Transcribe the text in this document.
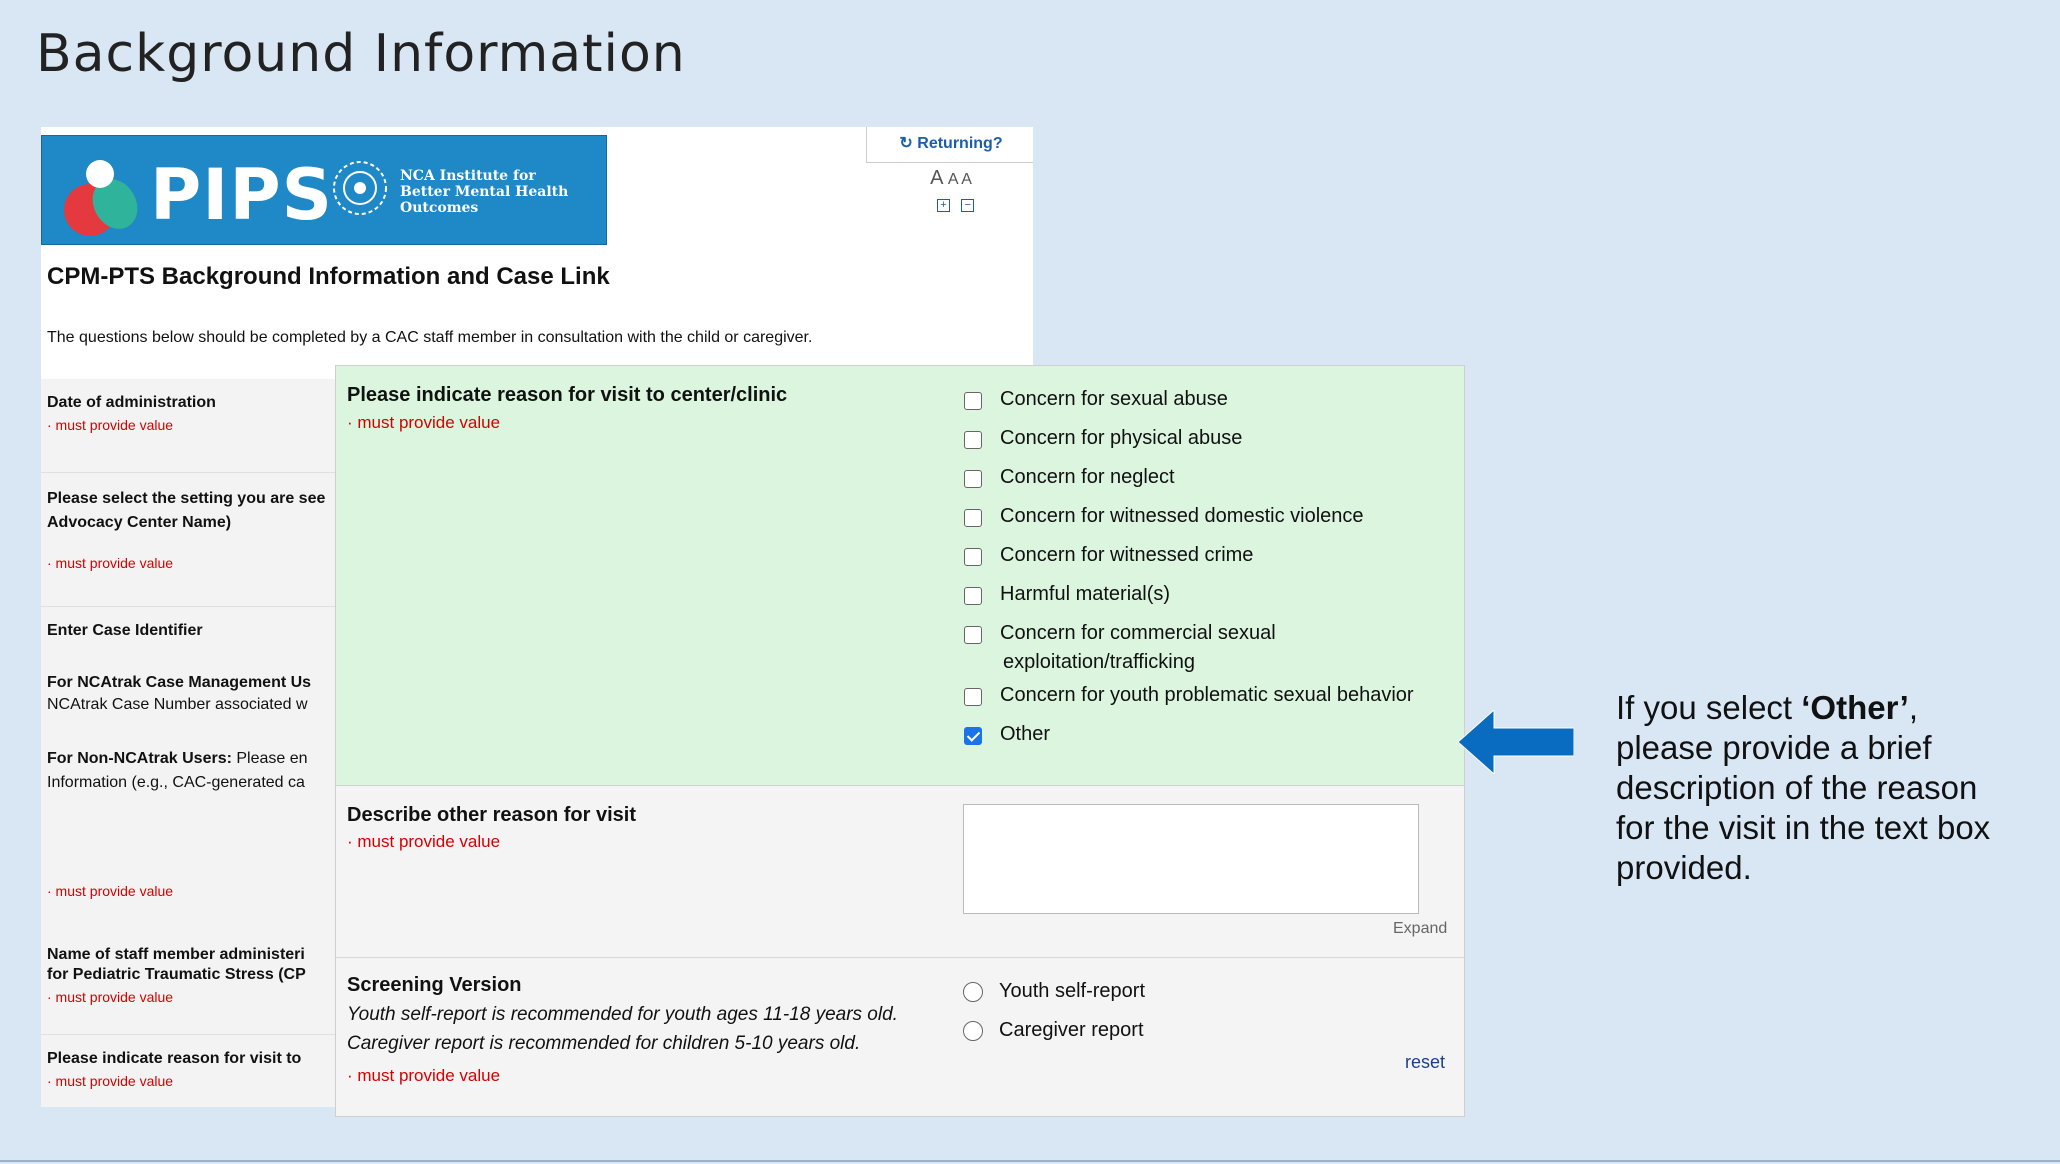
Background Information
PIPS	NCA Institute for
Better Mental Health
Outcomes
↻ Returning?
A A A
+ −
CPM-PTS Background Information and Case Link
The questions below should be completed by a CAC staff member in consultation with the child or caregiver.
Date of administration
· must provide value
Please select the setting you are see
Advocacy Center Name)
· must provide value
Enter Case Identifier
For NCAtrak Case Management Us
NCAtrak Case Number associated w
For Non-NCAtrak Users: Please en
Information (e.g., CAC-generated ca
· must provide value
Name of staff member administeri
for Pediatric Traumatic Stress (CP
· must provide value
Please indicate reason for visit to
· must provide value
Please indicate reason for visit to center/clinic
· must provide value
Concern for sexual abuse
Concern for physical abuse
Concern for neglect
Concern for witnessed domestic violence
Concern for witnessed crime
Harmful material(s)
Concern for commercial sexual
exploitation/trafficking
Concern for youth problematic sexual behavior
Other
Describe other reason for visit
· must provide value
Expand
Screening Version
Youth self-report is recommended for youth ages 11-18 years old.
Caregiver report is recommended for children 5-10 years old.
· must provide value
Youth self-report
Caregiver report
reset
If you select ‘Other’, please provide a brief description of the reason for the visit in the text box provided.
